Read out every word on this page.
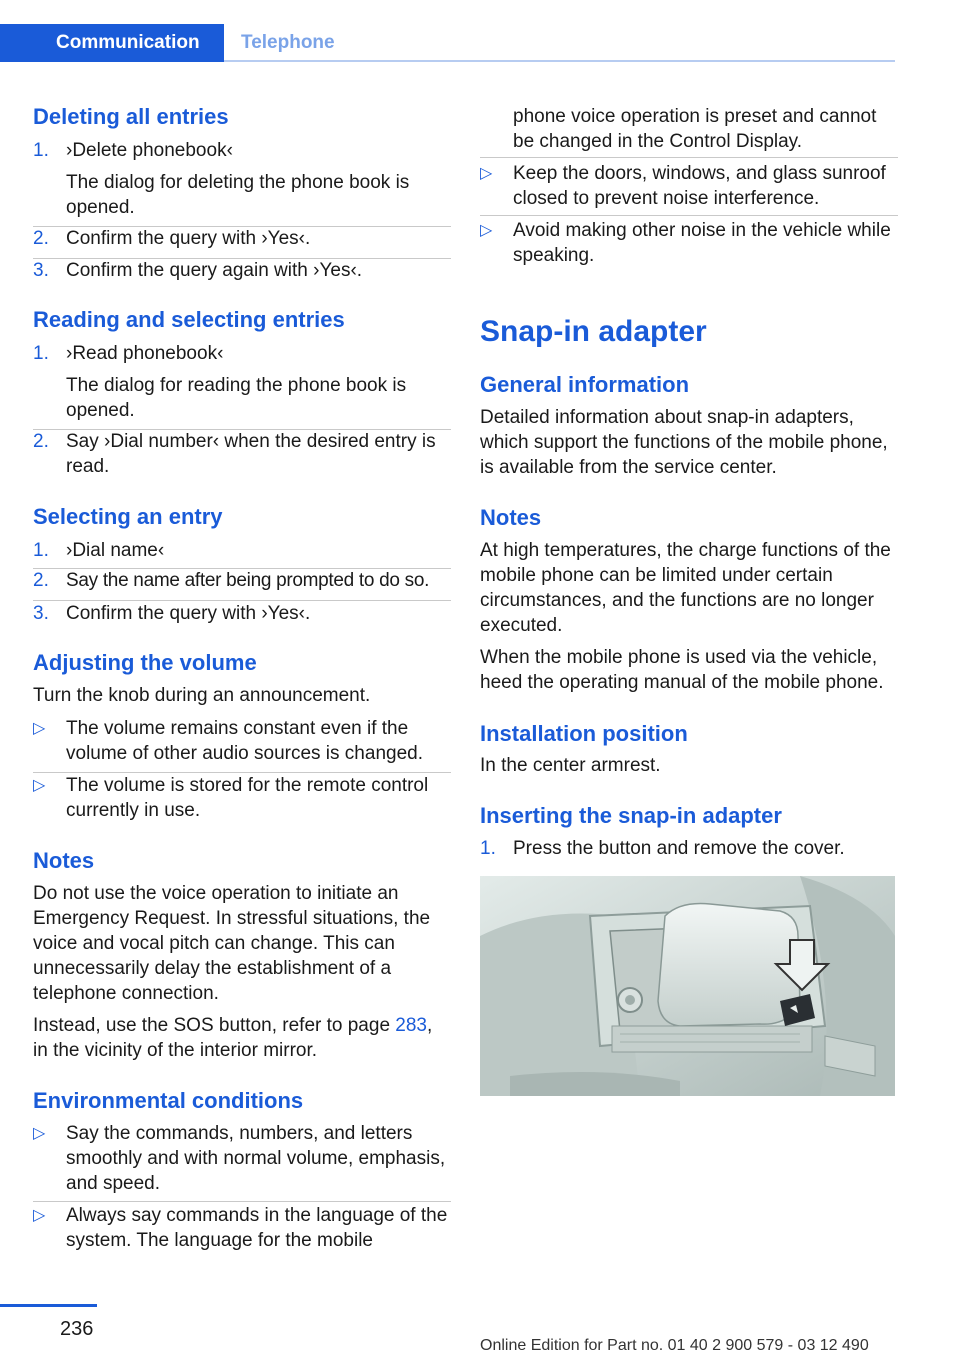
Communication	Telephone
Deleting all entries
1. ›Delete phonebook‹
The dialog for deleting the phone book is opened.
2. Confirm the query with ›Yes‹.
3. Confirm the query again with ›Yes‹.
Reading and selecting entries
1. ›Read phonebook‹
The dialog for reading the phone book is opened.
2. Say ›Dial number‹ when the desired entry is read.
Selecting an entry
1. ›Dial name‹
2. Say the name after being prompted to do so.
3. Confirm the query with ›Yes‹.
Adjusting the volume
Turn the knob during an announcement.
▷ The volume remains constant even if the volume of other audio sources is changed.
▷ The volume is stored for the remote control currently in use.
Notes
Do not use the voice operation to initiate an Emergency Request. In stressful situations, the voice and vocal pitch can change. This can unnecessarily delay the establishment of a telephone connection.
Instead, use the SOS button, refer to page 283, in the vicinity of the interior mirror.
Environmental conditions
▷ Say the commands, numbers, and letters smoothly and with normal volume, emphasis, and speed.
▷ Always say commands in the language of the system. The language for the mobile
phone voice operation is preset and cannot be changed in the Control Display.
▷ Keep the doors, windows, and glass sunroof closed to prevent noise interference.
▷ Avoid making other noise in the vehicle while speaking.
Snap-in adapter
General information
Detailed information about snap-in adapters, which support the functions of the mobile phone, is available from the service center.
Notes
At high temperatures, the charge functions of the mobile phone can be limited under certain circumstances, and the functions are no longer executed.
When the mobile phone is used via the vehicle, heed the operating manual of the mobile phone.
Installation position
In the center armrest.
Inserting the snap-in adapter
1. Press the button and remove the cover.
236
Online Edition for Part no. 01 40 2 900 579 - 03 12 490
